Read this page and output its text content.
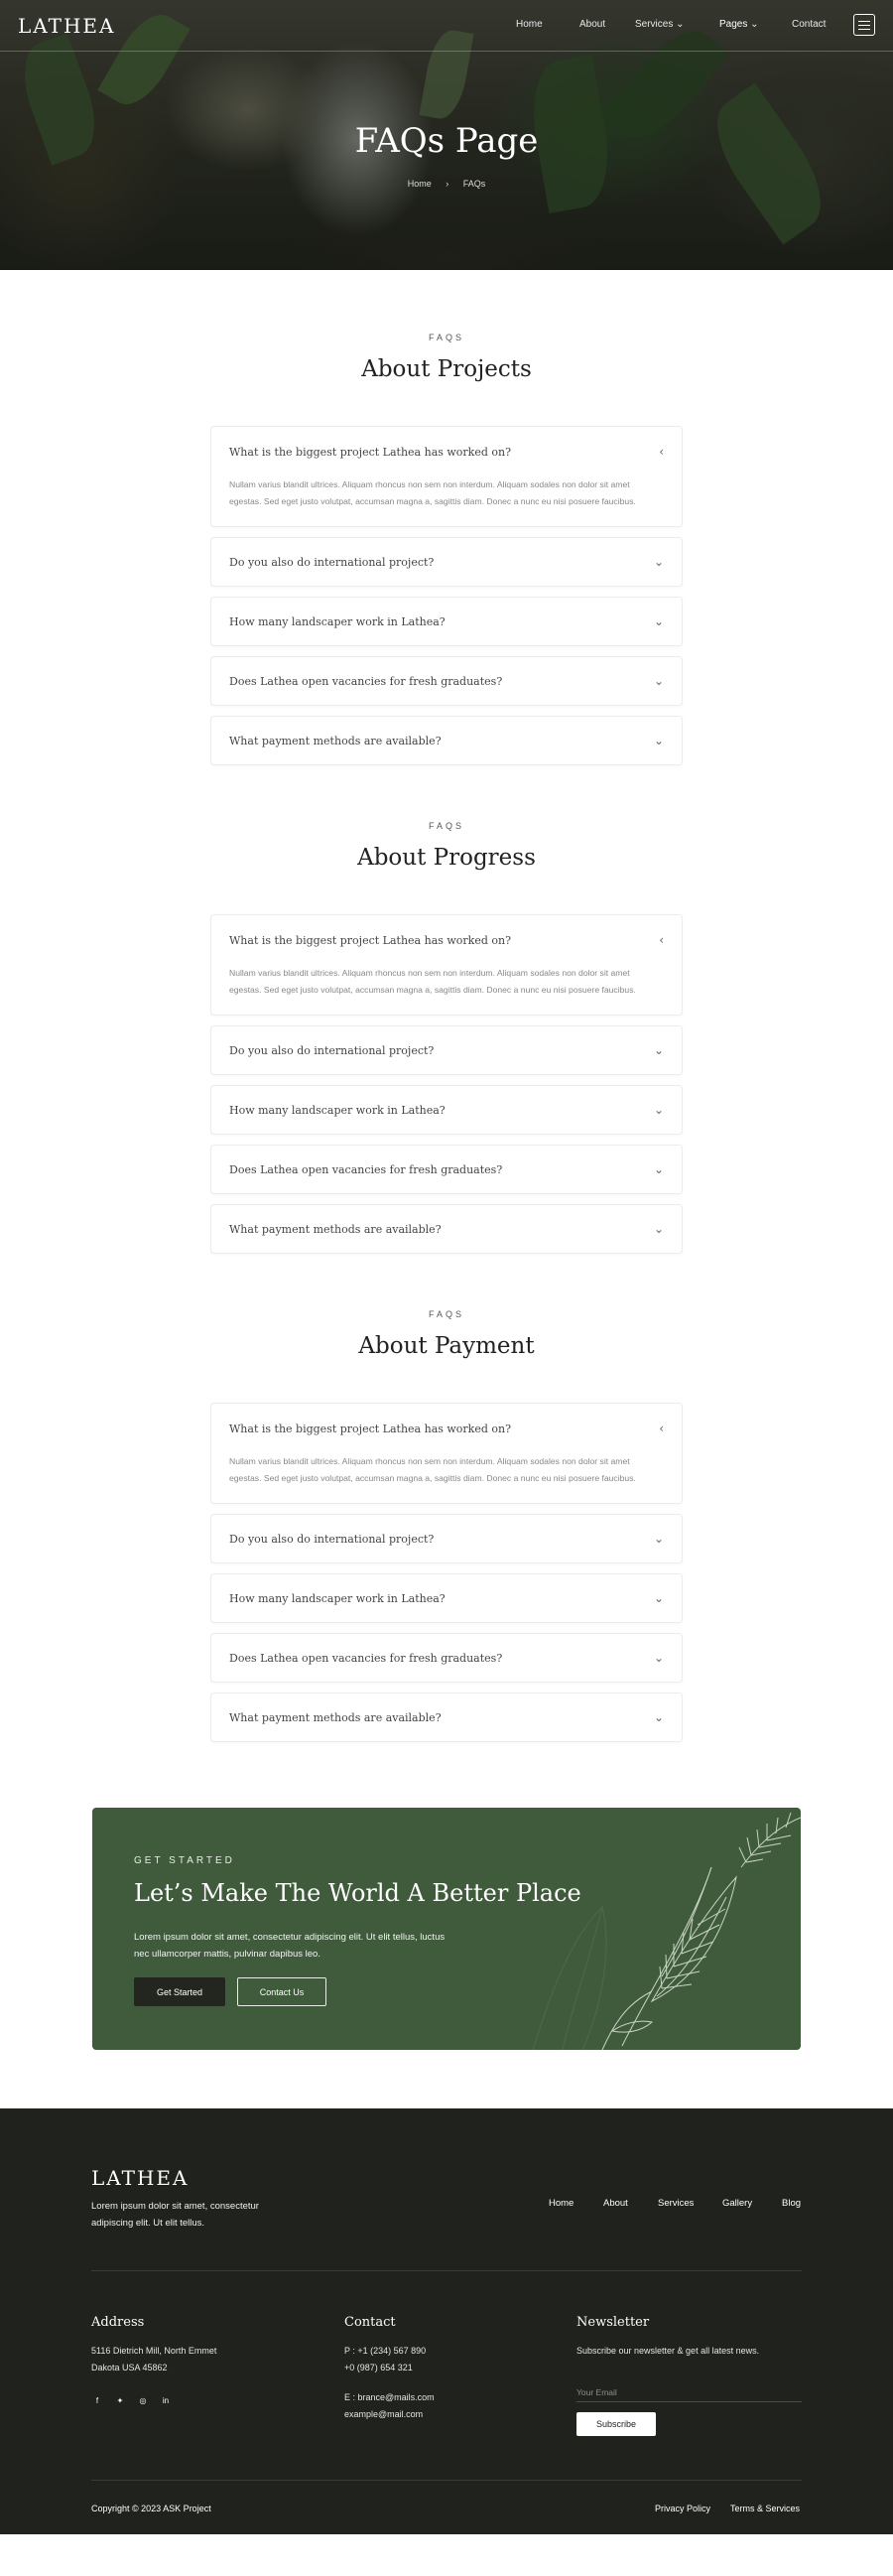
LATHEA	Home	About	Services ⌄	Pages ⌄	Contact
FAQs Page
Home › FAQs
FAQS
About Projects
What is the biggest project Lathea has worked on?	‹
Nullam varius blandit ultrices. Aliquam rhoncus non sem non interdum. Aliquam sodales non dolor sit amet egestas. Sed eget justo volutpat, accumsan magna a, sagittis diam. Donec a nunc eu nisi posuere faucibus.
Do you also do international project?	⌄
How many landscaper work in Lathea?	⌄
Does Lathea open vacancies for fresh graduates?	⌄
What payment methods are available?	⌄
FAQS
About Progress
What is the biggest project Lathea has worked on?	‹
Nullam varius blandit ultrices. Aliquam rhoncus non sem non interdum. Aliquam sodales non dolor sit amet egestas. Sed eget justo volutpat, accumsan magna a, sagittis diam. Donec a nunc eu nisi posuere faucibus.
Do you also do international project?	⌄
How many landscaper work in Lathea?	⌄
Does Lathea open vacancies for fresh graduates?	⌄
What payment methods are available?	⌄
FAQS
About Payment
What is the biggest project Lathea has worked on?	‹
Nullam varius blandit ultrices. Aliquam rhoncus non sem non interdum. Aliquam sodales non dolor sit amet egestas. Sed eget justo volutpat, accumsan magna a, sagittis diam. Donec a nunc eu nisi posuere faucibus.
Do you also do international project?	⌄
How many landscaper work in Lathea?	⌄
Does Lathea open vacancies for fresh graduates?	⌄
What payment methods are available?	⌄
GET STARTED
Let’s Make The World A Better Place

Lorem ipsum dolor sit amet, consectetur adipiscing elit. Ut elit tellus, luctus nec ullamcorper mattis, pulvinar dapibus leo.

Get Started	Contact Us
LATHEA
Lorem ipsum dolor sit amet, consectetur adipiscing elit. Ut elit tellus.
Home	About	Services	Gallery	Blog
Address
5116 Dietrich Mill, North Emmet
Dakota USA 45862
f	✦	◎	in
Contact
P : +1 (234) 567 890
+0 (987) 654 321
E : brance@mails.com
example@mail.com
Newsletter
Subscribe our newsletter & get all latest news.
Your Email
Subscribe
Copyright © 2023 ASK Project	Privacy Policy Terms & Services
